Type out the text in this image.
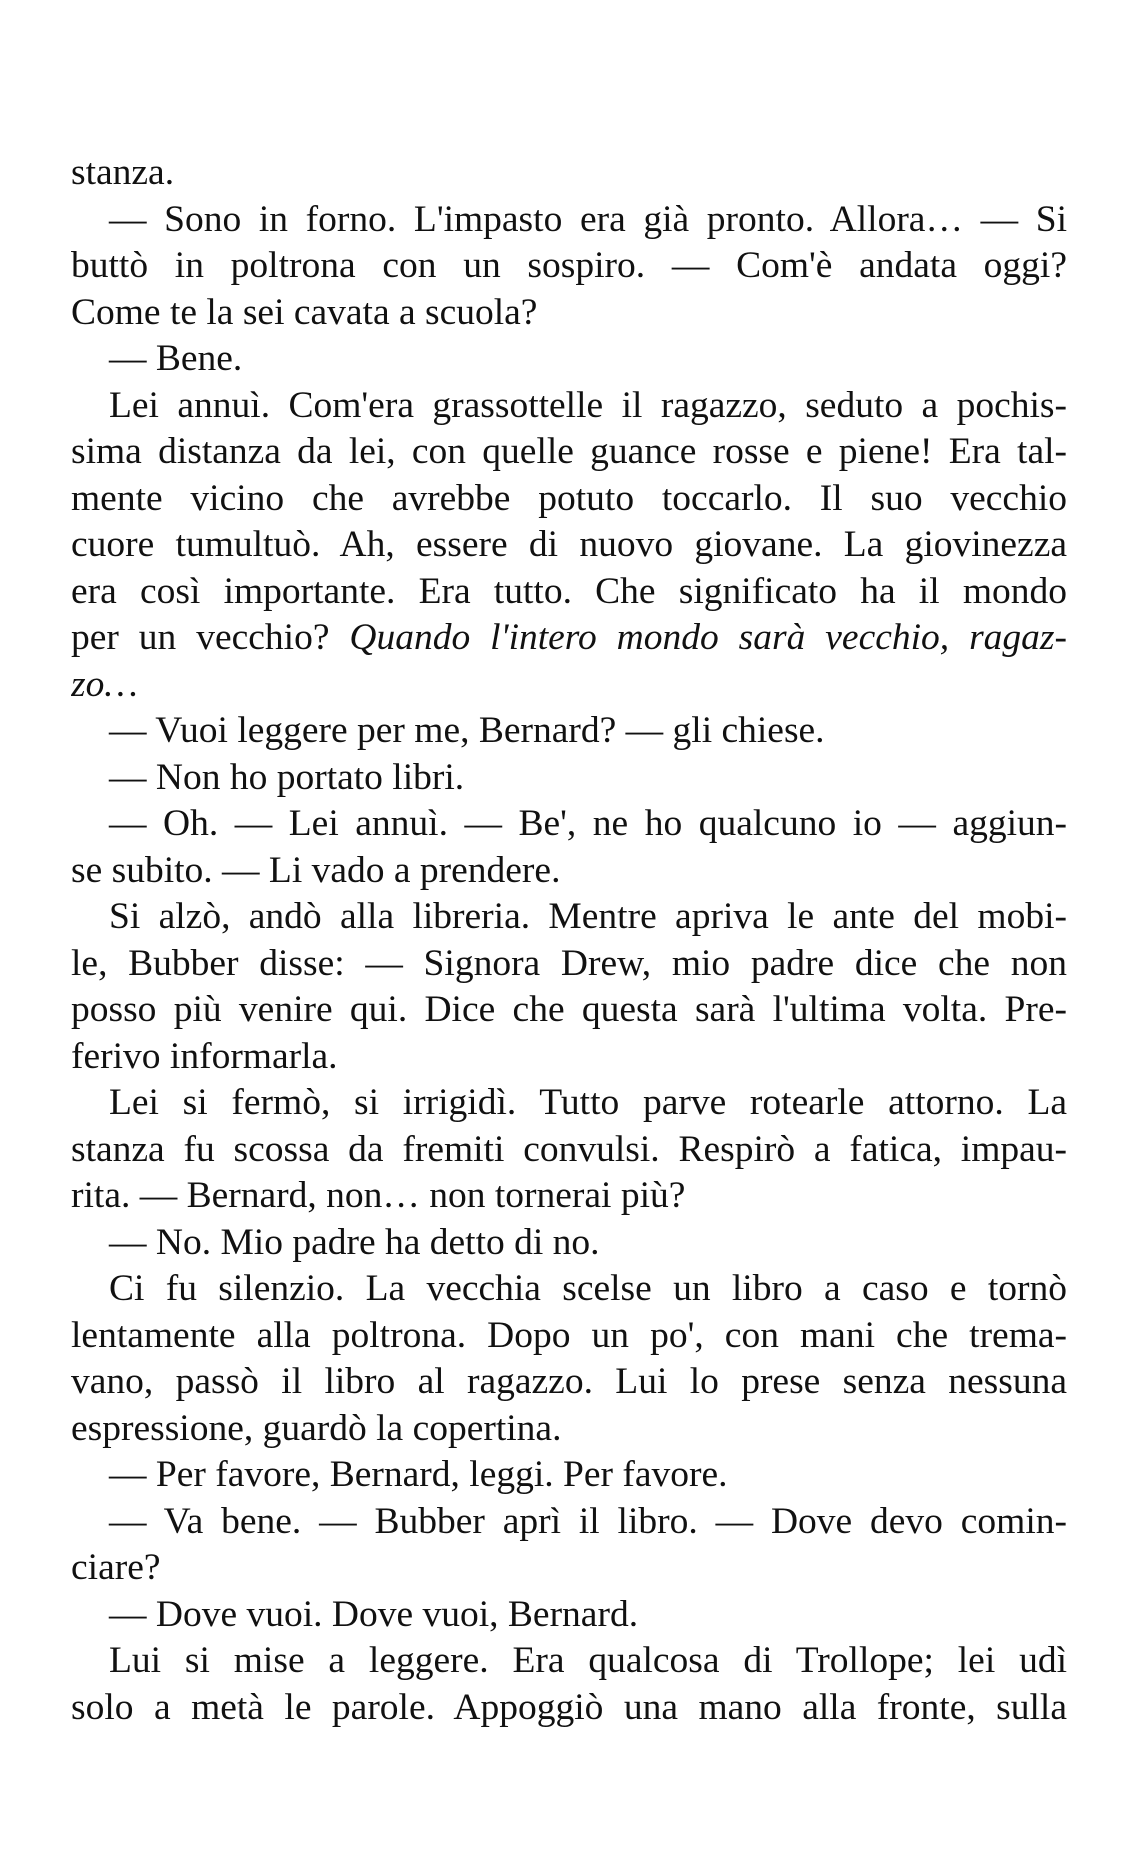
stanza.
— Sono in forno. L'impasto era già pronto. Allora… — Si
buttò in poltrona con un sospiro. — Com'è andata oggi?
Come te la sei cavata a scuola?
— Bene.
Lei annuì. Com'era grassottelle il ragazzo, seduto a pochis-
sima distanza da lei, con quelle guance rosse e piene! Era tal-
mente vicino che avrebbe potuto toccarlo. Il suo vecchio
cuore tumultuò. Ah, essere di nuovo giovane. La giovinezza
era così importante. Era tutto. Che significato ha il mondo
per un vecchio? Quando l'intero mondo sarà vecchio, ragaz-
zo…
— Vuoi leggere per me, Bernard? — gli chiese.
— Non ho portato libri.
— Oh. — Lei annuì. — Be', ne ho qualcuno io — aggiun-
se subito. — Li vado a prendere.
Si alzò, andò alla libreria. Mentre apriva le ante del mobi-
le, Bubber disse: — Signora Drew, mio padre dice che non
posso più venire qui. Dice che questa sarà l'ultima volta. Pre-
ferivo informarla.
Lei si fermò, si irrigidì. Tutto parve rotearle attorno. La
stanza fu scossa da fremiti convulsi. Respirò a fatica, impau-
rita. — Bernard, non… non tornerai più?
— No. Mio padre ha detto di no.
Ci fu silenzio. La vecchia scelse un libro a caso e tornò
lentamente alla poltrona. Dopo un po', con mani che trema-
vano, passò il libro al ragazzo. Lui lo prese senza nessuna
espressione, guardò la copertina.
— Per favore, Bernard, leggi. Per favore.
— Va bene. — Bubber aprì il libro. — Dove devo comin-
ciare?
— Dove vuoi. Dove vuoi, Bernard.
Lui si mise a leggere. Era qualcosa di Trollope; lei udì
solo a metà le parole. Appoggiò una mano alla fronte, sulla
